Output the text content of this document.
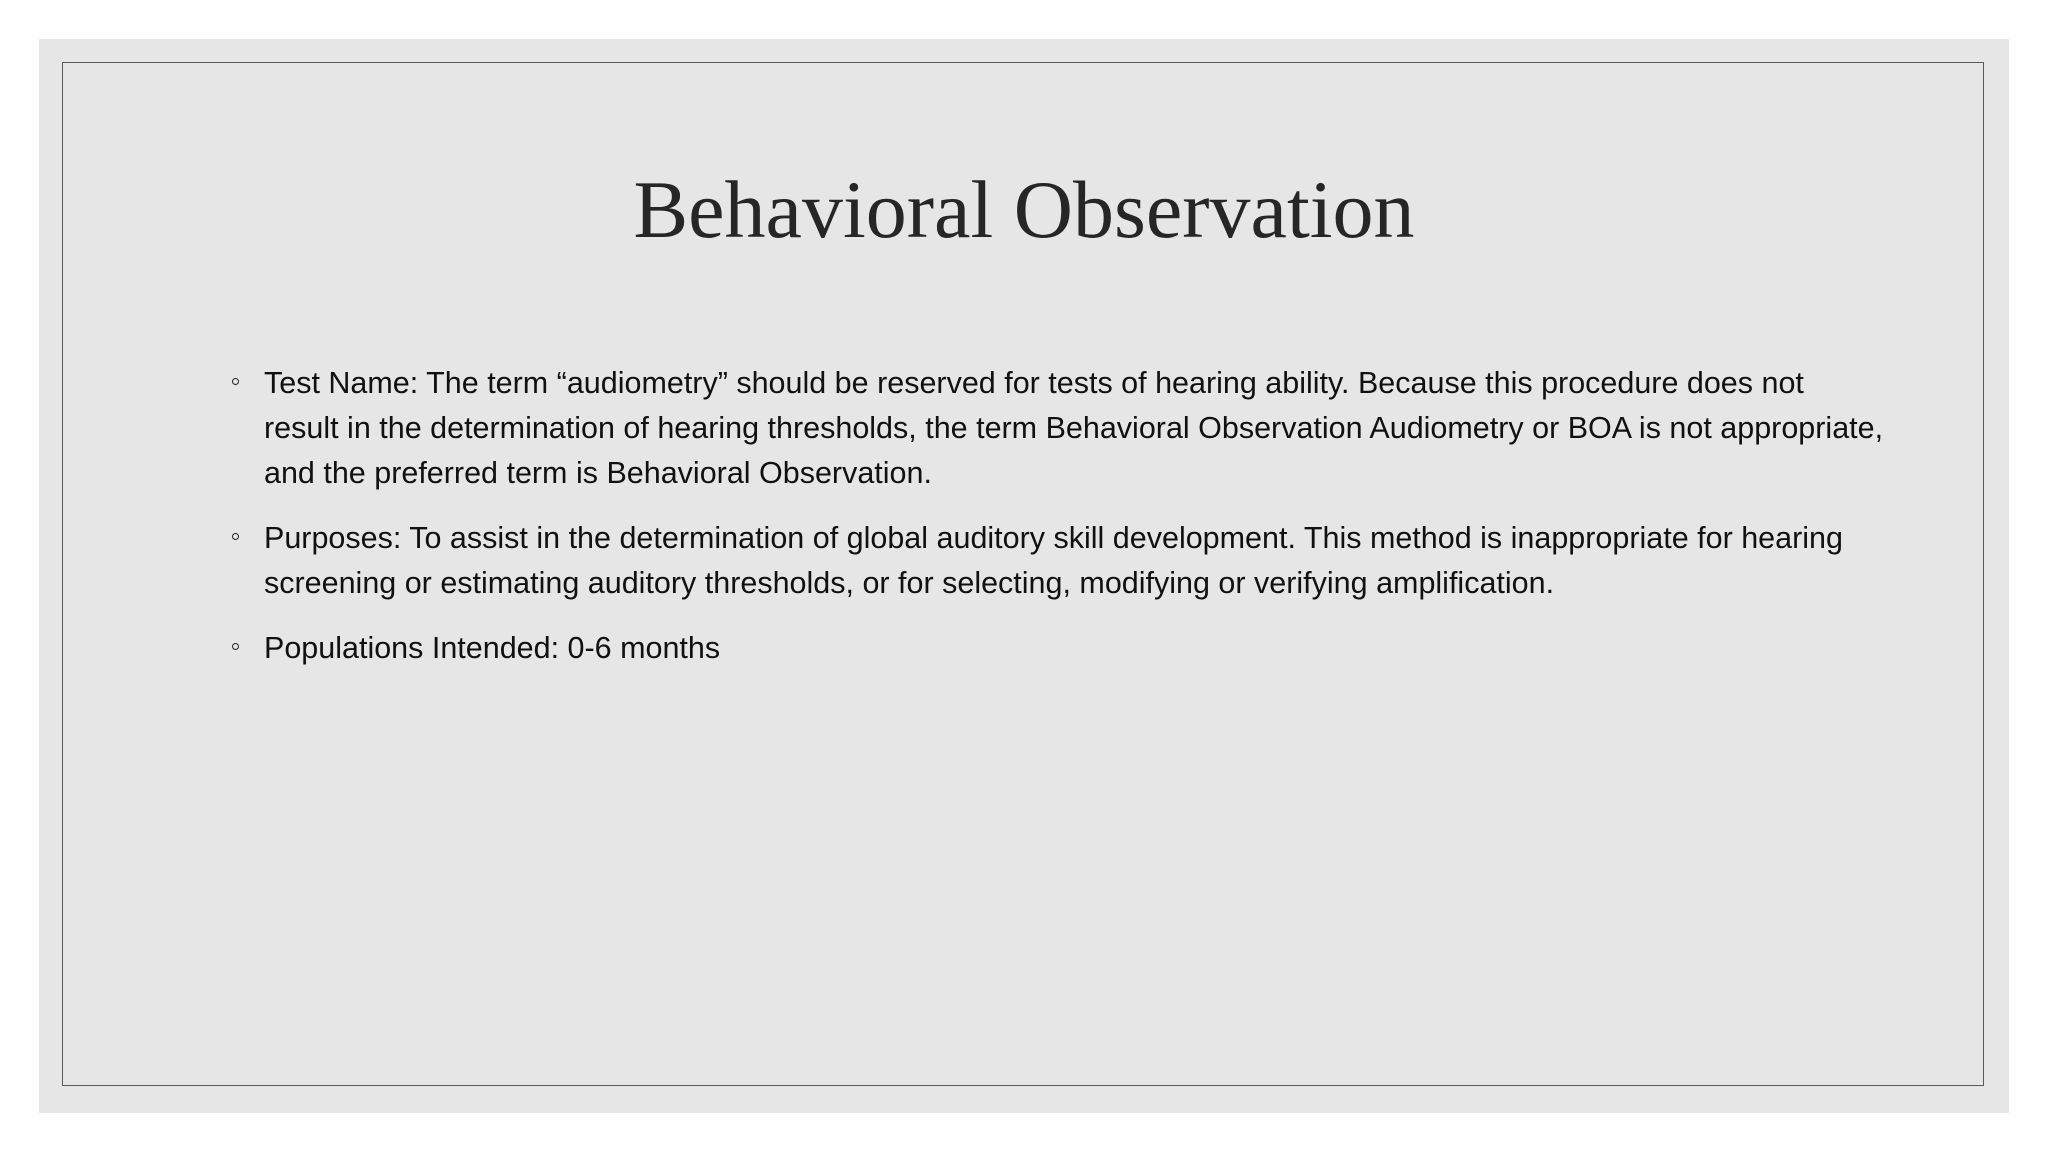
Behavioral Observation
Test Name: The term “audiometry” should be reserved for tests of hearing ability. Because this procedure does not result in the determination of hearing thresholds, the term Behavioral Observation Audiometry or BOA is not appropriate, and the preferred term is Behavioral Observation.
Purposes: To assist in the determination of global auditory skill development. This method is inappropriate for hearing screening or estimating auditory thresholds, or for selecting, modifying or verifying amplification.
Populations Intended: 0-6 months
